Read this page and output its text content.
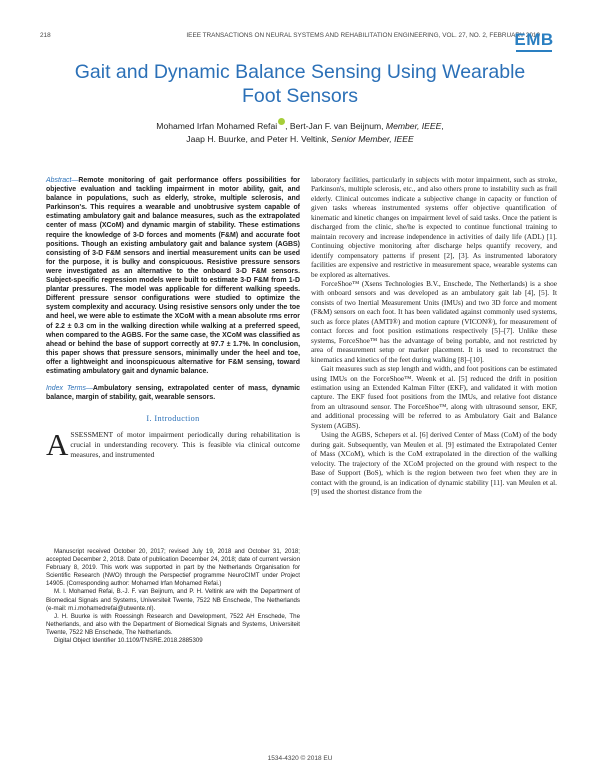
218	IEEE TRANSACTIONS ON NEURAL SYSTEMS AND REHABILITATION ENGINEERING, VOL. 27, NO. 2, FEBRUARY 2019
EMB
Gait and Dynamic Balance Sensing Using Wearable Foot Sensors
Mohamed Irfan Mohamed Refai , Bert-Jan F. van Beijnum, Member, IEEE,
Jaap H. Buurke, and Peter H. Veltink, Senior Member, IEEE

Abstract—Remote monitoring of gait performance offers possibilities for objective evaluation and tackling impairment in motor ability, gait, and balance in populations, such as elderly, stroke, multiple sclerosis, and Parkinson's. This requires a wearable and unobtrusive system capable of estimating ambulatory gait and balance measures, such as the extrapolated center of mass (XCoM) and dynamic margin of stability. These estimations require the knowledge of 3-D forces and moments (F&M) and accurate foot positions. Though an existing ambulatory gait and balance system (AGBS) consisting of 3-D F&M sensors and inertial measurement units can be used for the purpose, it is bulky and conspicuous. Resistive pressure sensors were investigated as an alternative to the onboard 3-D F&M sensors. Subject-specific regression models were built to estimate 3-D F&M from 1-D plantar pressures. The model was applicable for different walking speeds. Different pressure sensor configurations were studied to optimize the system complexity and accuracy. Using resistive sensors only under the toe and heel, we were able to estimate the XCoM with a mean absolute rms error of 2.2 ± 0.3 cm in the walking direction while walking at a preferred speed, when compared to the AGBS. For the same case, the XCoM was classified as ahead or behind the base of support correctly at 97.7 ± 1.7%. In conclusion, this paper shows that pressure sensors, minimally under the heel and toe, offer a lightweight and inconspicuous alternative for F&M sensing, toward estimating ambulatory gait and dynamic balance.

Index Terms—Ambulatory sensing, extrapolated center of mass, dynamic balance, margin of stability, gait, wearable sensors.

I. Introduction

ASSESSMENT of motor impairment periodically during rehabilitation is crucial in understanding recovery. This is feasible via clinical outcome measures, and instrumented

Manuscript received October 20, 2017; revised July 19, 2018 and October 31, 2018; accepted December 2, 2018. Date of publication December 24, 2018; date of current version February 8, 2019. This work was supported in part by the Netherlands Organisation for Scientific Research (NWO) through the Perspectief programme NeuroCIMT under Project 14905. (Corresponding author: Mohamed Irfan Mohamed Refai.)

M. I. Mohamed Refai, B.-J. F. van Beijnum, and P. H. Veltink are with the Department of Biomedical Signals and Systems, Universiteit Twente, 7522 NB Enschede, The Netherlands (e-mail: m.i.mohamedrefai@utwente.nl).

J. H. Buurke is with Roessingh Research and Development, 7522 AH Enschede, The Netherlands, and also with the Department of Biomedical Signals and Systems, Universiteit Twente, 7522 NB Enschede, The Netherlands.

Digital Object Identifier 10.1109/TNSRE.2018.2885309

laboratory facilities, particularly in subjects with motor impairment, such as stroke, Parkinson's, multiple sclerosis, etc., and also others prone to instability such as frail elderly. Clinical outcomes indicate a subjective change in capacity or function of given tasks whereas instrumented systems offer objective quantification of kinematic and kinetic changes on impairment level of said tasks. Once the patient is discharged from the clinic, she/he is expected to continue functional training to maintain recovery and increase independence in activities of daily life (ADL) [1]. Continuing objective monitoring after discharge helps quantify recovery, and identify compensatory patterns if present [2], [3]. As instrumented laboratory facilities are expensive and restrictive in measurement space, wearable systems can be explored as alternatives.

ForceShoe™ (Xsens Technologies B.V., Enschede, The Netherlands) is a shoe with onboard sensors and was developed as an ambulatory gait lab [4], [5]. It consists of two Inertial Measurement Units (IMUs) and two 3D force and moment (F&M) sensors on each foot. It has been validated against commonly used systems, such as force plates (AMTI®) and motion capture (VICON®), for measurement of contact forces and foot position estimations respectively [5]–[7]. Unlike these systems, ForceShoe™ has the advantage of being portable, and not restricted by area of measurement setup or marker placement. It is used to reconstruct the kinematics and kinetics of the feet during walking [8]–[10].

Gait measures such as step length and width, and foot positions can be estimated using IMUs on the ForceShoe™. Weenk et al. [5] reduced the drift in position estimation using an Extended Kalman Filter (EKF), and validated it with motion capture. The EKF fused foot positions from the IMUs, and relative foot distance from an ultrasound sensor. The ForceShoe™, along with ultrasound sensor, EKF, and additional processing will be referred to as Ambulatory Gait and Balance System (AGBS).

Using the AGBS, Schepers et al. [6] derived Center of Mass (CoM) of the body during gait. Subsequently, van Meulen et al. [9] estimated the Extrapolated Center of Mass (XCoM), which is the CoM extrapolated in the direction of the walking velocity. The trajectory of the XCoM projected on the ground with respect to the Base of Support (BoS), which is the region between two feet when they are in contact with the ground, is an indication of dynamic stability [11]. van Meulen et al. [9] used the shortest distance from the

1534-4320 © 2018 EU
